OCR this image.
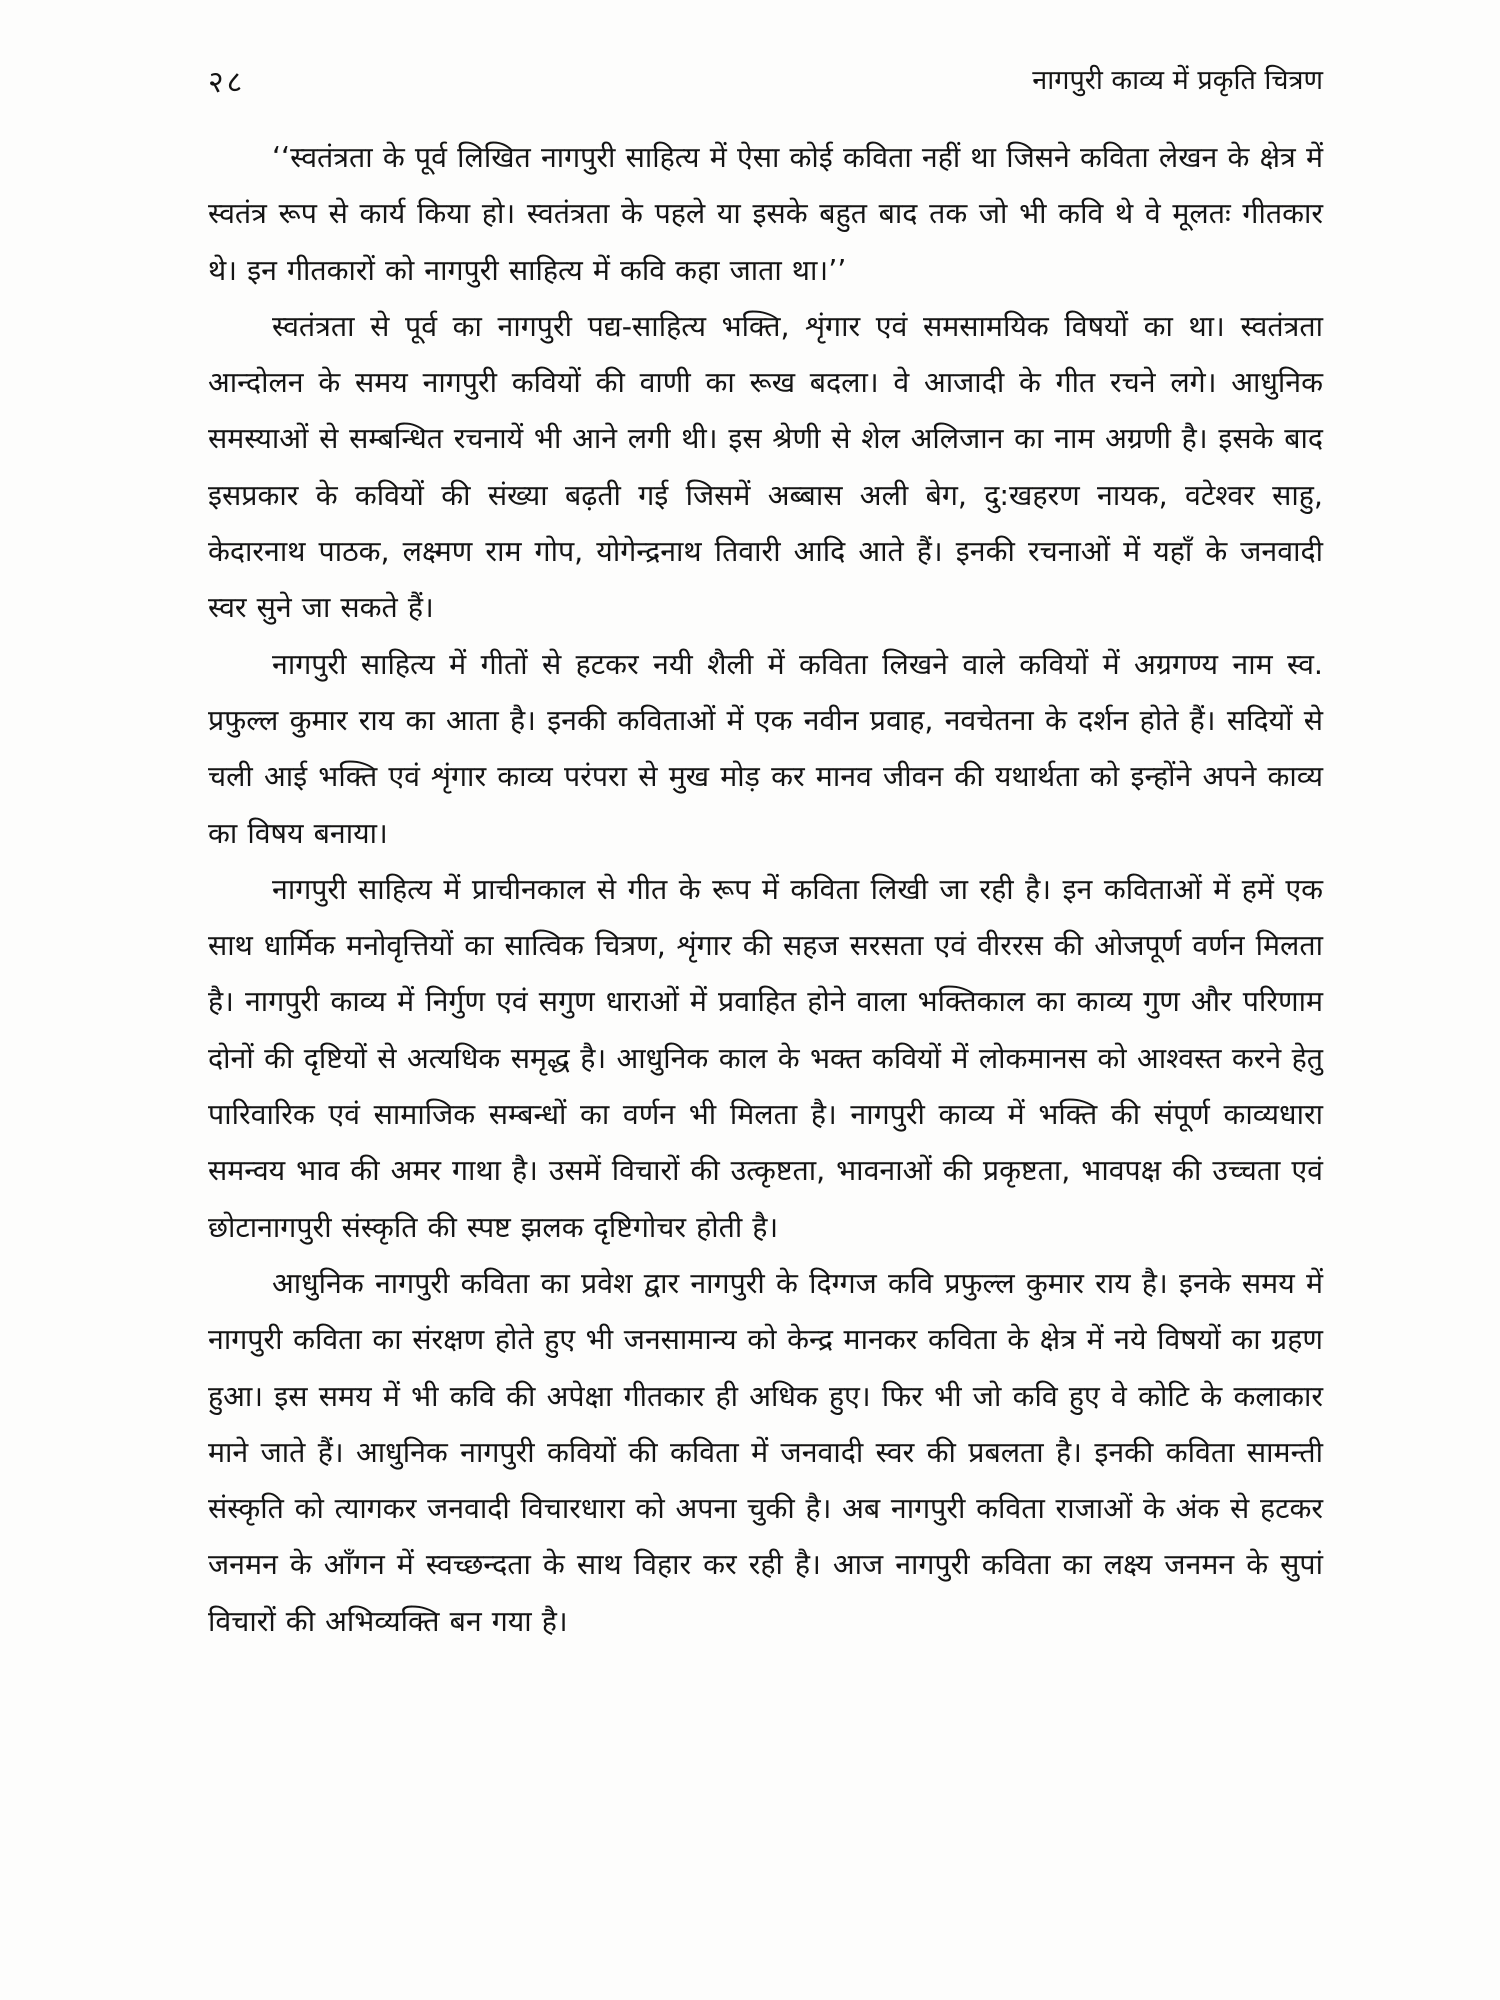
२८	नागपुरी काव्य में प्रकृति चित्रण

‘‘स्वतंत्रता के पूर्व लिखित नागपुरी साहित्य में ऐसा कोई कविता नहीं था जिसने कविता लेखन के क्षेत्र में स्वतंत्र रूप से कार्य किया हो। स्वतंत्रता के पहले या इसके बहुत बाद तक जो भी कवि थे वे मूलतः गीतकार थे। इन गीतकारों को नागपुरी साहित्य में कवि कहा जाता था।’’

स्वतंत्रता से पूर्व का नागपुरी पद्य-साहित्य भक्ति, शृंगार एवं समसामयिक विषयों का था। स्वतंत्रता आन्दोलन के समय नागपुरी कवियों की वाणी का रूख बदला। वे आजादी के गीत रचने लगे। आधुनिक समस्याओं से सम्बन्धित रचनायें भी आने लगी थी। इस श्रेणी से शेल अलिजान का नाम अग्रणी है। इसके बाद इसप्रकार के कवियों की संख्या बढ़ती गई जिसमें अब्बास अली बेग, दु:खहरण नायक, वटेश्वर साहु, केदारनाथ पाठक, लक्ष्मण राम गोप, योगेन्द्रनाथ तिवारी आदि आते हैं। इनकी रचनाओं में यहाँ के जनवादी स्वर सुने जा सकते हैं।

नागपुरी साहित्य में गीतों से हटकर नयी शैली में कविता लिखने वाले कवियों में अग्रगण्य नाम स्व. प्रफुल्ल कुमार राय का आता है। इनकी कविताओं में एक नवीन प्रवाह, नवचेतना के दर्शन होते हैं। सदियों से चली आई भक्ति एवं शृंगार काव्य परंपरा से मुख मोड़ कर मानव जीवन की यथार्थता को इन्होंने अपने काव्य का विषय बनाया।

नागपुरी साहित्य में प्राचीनकाल से गीत के रूप में कविता लिखी जा रही है। इन कविताओं में हमें एक साथ धार्मिक मनोवृत्तियों का सात्विक चित्रण, शृंगार की सहज सरसता एवं वीररस की ओजपूर्ण वर्णन मिलता है। नागपुरी काव्य में निर्गुण एवं सगुण धाराओं में प्रवाहित होने वाला भक्तिकाल का काव्य गुण और परिणाम दोनों की दृष्टियों से अत्यधिक समृद्ध है। आधुनिक काल के भक्त कवियों में लोकमानस को आश्वस्त करने हेतु पारिवारिक एवं सामाजिक सम्बन्धों का वर्णन भी मिलता है। नागपुरी काव्य में भक्ति की संपूर्ण काव्यधारा समन्वय भाव की अमर गाथा है। उसमें विचारों की उत्कृष्टता, भावनाओं की प्रकृष्टता, भावपक्ष की उच्चता एवं छोटानागपुरी संस्कृति की स्पष्ट झलक दृष्टिगोचर होती है।

आधुनिक नागपुरी कविता का प्रवेश द्वार नागपुरी के दिग्गज कवि प्रफुल्ल कुमार राय है। इनके समय में नागपुरी कविता का संरक्षण होते हुए भी जनसामान्य को केन्द्र मानकर कविता के क्षेत्र में नये विषयों का ग्रहण हुआ। इस समय में भी कवि की अपेक्षा गीतकार ही अधिक हुए। फिर भी जो कवि हुए वे कोटि के कलाकार माने जाते हैं। आधुनिक नागपुरी कवियों की कविता में जनवादी स्वर की प्रबलता है। इनकी कविता सामन्ती संस्कृति को त्यागकर जनवादी विचारधारा को अपना चुकी है। अब नागपुरी कविता राजाओं के अंक से हटकर जनमन के आँगन में स्वच्छन्दता के साथ विहार कर रही है। आज नागपुरी कविता का लक्ष्य जनमन के सुपां विचारों की अभिव्यक्ति बन गया है।
